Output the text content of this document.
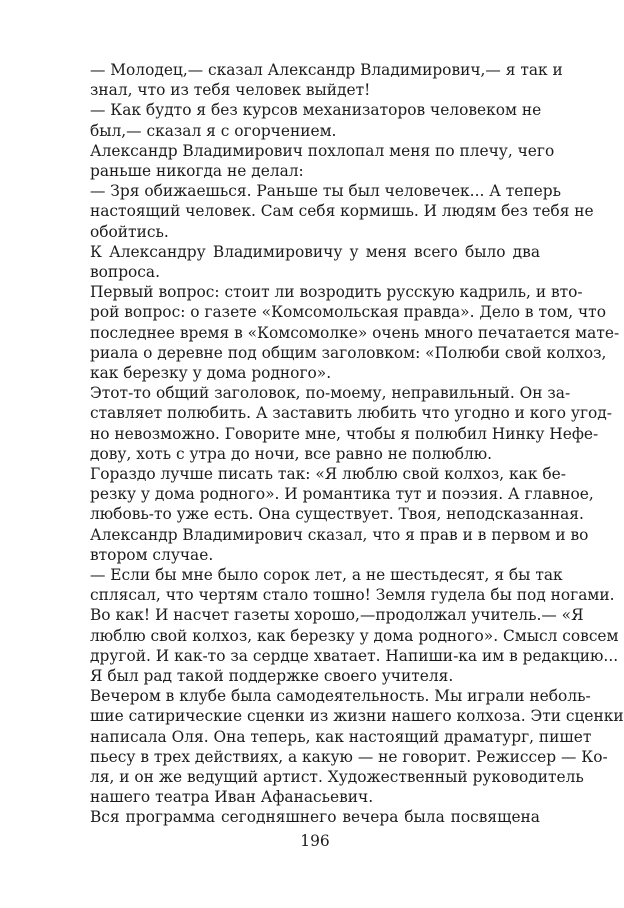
— Молодец,— сказал Александр Владимирович,— я так и
знал, что из тебя человек выйдет!
— Как будто я без курсов механизаторов человеком не
был,— сказал я с огорчением.
Александр Владимирович похлопал меня по плечу, чего
раньше никогда не делал:
— Зря обижаешься. Раньше ты был человечек... А теперь
настоящий человек. Сам себя кормишь. И людям без тебя не
обойтись.
К Александру Владимировичу у меня всего было два
вопроса.
Первый вопрос: стоит ли возродить русскую кадриль, и вто-
рой вопрос: о газете «Комсомольская правда». Дело в том, что
последнее время в «Комсомолке» очень много печатается мате-
риала о деревне под общим заголовком: «Полюби свой колхоз,
как березку у дома родного».
Этот-то общий заголовок, по-моему, неправильный. Он за-
ставляет полюбить. А заставить любить что угодно и кого угод-
но невозможно. Говорите мне, чтобы я полюбил Нинку Нефе-
дову, хоть с утра до ночи, все равно не полюблю.
Гораздо лучше писать так: «Я люблю свой колхоз, как бе-
резку у дома родного». И романтика тут и поэзия. А главное,
любовь-то уже есть. Она существует. Твоя, неподсказанная.
Александр Владимирович сказал, что я прав и в первом и во
втором случае.
— Если бы мне было сорок лет, а не шестьдесят, я бы так
сплясал, что чертям стало тошно! Земля гудела бы под ногами.
Во как! И насчет газеты хорошо,—продолжал учитель.— «Я
люблю свой колхоз, как березку у дома родного». Смысл совсем
другой. И как-то за сердце хватает. Напиши-ка им в редакцию...
Я был рад такой поддержке своего учителя.
Вечером в клубе была самодеятельность. Мы играли неболь-
шие сатирические сценки из жизни нашего колхоза. Эти сценки
написала Оля. Она теперь, как настоящий драматург, пишет
пьесу в трех действиях, а какую — не говорит. Режиссер — Ко-
ля, и он же ведущий артист. Художественный руководитель
нашего театра Иван Афанасьевич.
Вся программа сегодняшнего вечера была посвящена
196
